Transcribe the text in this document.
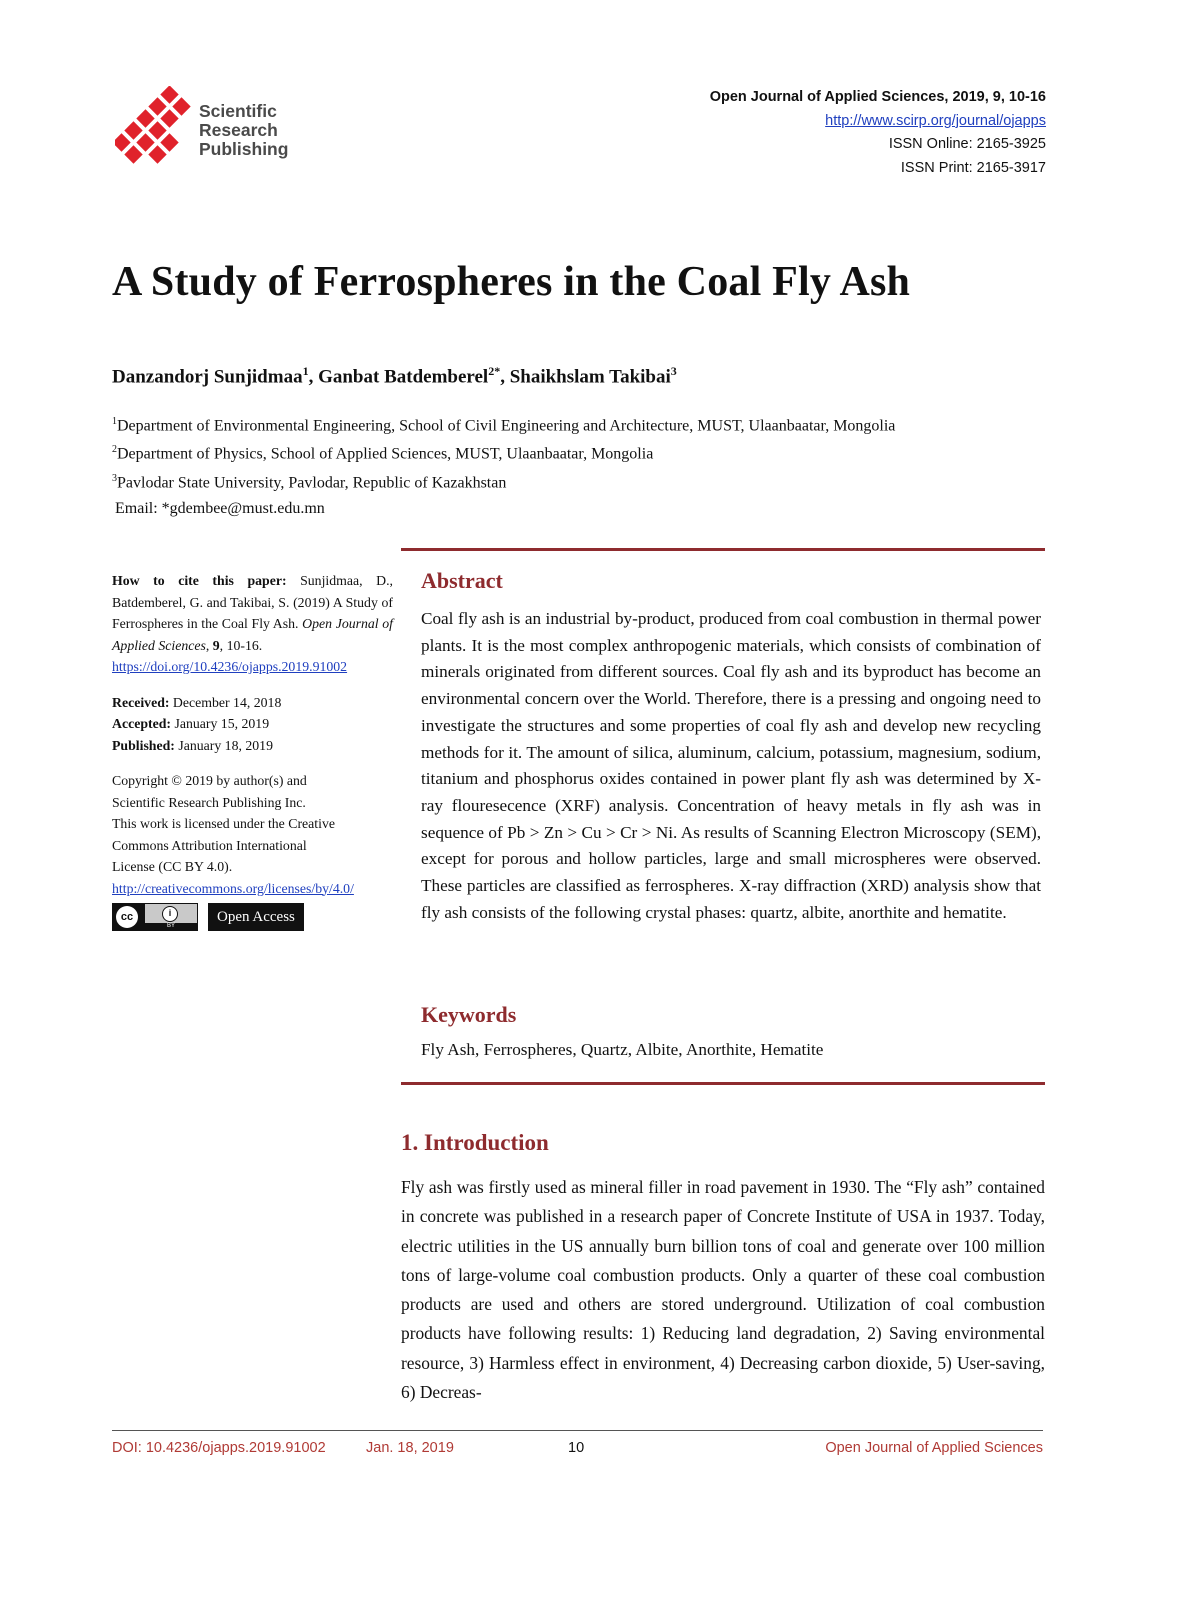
Scientific
Research
Publishing
Open Journal of Applied Sciences, 2019, 9, 10-16
http://www.scirp.org/journal/ojapps
ISSN Online: 2165-3925
ISSN Print: 2165-3917
A Study of Ferrospheres in the Coal Fly Ash
Danzandorj Sunjidmaa$^1$, Ganbat Batdemberel$^{2*}$, Shaikhslam Takibai$^3$
$^1$Department of Environmental Engineering, School of Civil Engineering and Architecture, MUST, Ulaanbaatar, Mongolia
$^2$Department of Physics, School of Applied Sciences, MUST, Ulaanbaatar, Mongolia
$^3$Pavlodar State University, Pavlodar, Republic of Kazakhstan
Email: *gdembee@must.edu.mn
How to cite this paper: Sunjidmaa, D., Batdemberel, G. and Takibai, S. (2019) A Study of Ferrospheres in the Coal Fly Ash. Open Journal of Applied Sciences, 9, 10-16.
https://doi.org/10.4236/ojapps.2019.91002
Received: December 14, 2018
Accepted: January 15, 2019
Published: January 18, 2019
Copyright © 2019 by author(s) and
Scientific Research Publishing Inc.
This work is licensed under the Creative
Commons Attribution International
License (CC BY 4.0).
http://creativecommons.org/licenses/by/4.0/
cc	i
BY
Open Access
Abstract

Coal fly ash is an industrial by-product, produced from coal combustion in thermal power plants. It is the most complex anthropogenic materials, which consists of combination of minerals originated from different sources. Coal fly ash and its byproduct has become an environmental concern over the World. Therefore, there is a pressing and ongoing need to investigate the structures and some properties of coal fly ash and develop new recycling methods for it. The amount of silica, aluminum, calcium, potassium, magnesium, sodium, titanium and phosphorus oxides contained in power plant fly ash was determined by X-ray flouresecence (XRF) analysis. Concentration of heavy metals in fly ash was in sequence of Pb > Zn > Cu > Cr > Ni. As results of Scanning Electron Microscopy (SEM), except for porous and hollow particles, large and small microspheres were observed. These particles are classified as ferrospheres. X-ray diffraction (XRD) analysis show that fly ash consists of the following crystal phases: quartz, albite, anorthite and hematite.

Keywords

Fly Ash, Ferrospheres, Quartz, Albite, Anorthite, Hematite

1. Introduction

Fly ash was firstly used as mineral filler in road pavement in 1930. The “Fly ash” contained in concrete was published in a research paper of Concrete Institute of USA in 1937. Today, electric utilities in the US annually burn billion tons of coal and generate over 100 million tons of large-volume coal combustion products. Only a quarter of these coal combustion products are used and others are stored underground. Utilization of coal combustion products have following results: 1) Reducing land degradation, 2) Saving environmental resource, 3) Harmless effect in environment, 4) Decreasing carbon dioxide, 5) User-saving, 6) Decreas-

DOI: 10.4236/ojapps.2019.91002	Jan. 18, 2019	10	Open Journal of Applied Sciences
